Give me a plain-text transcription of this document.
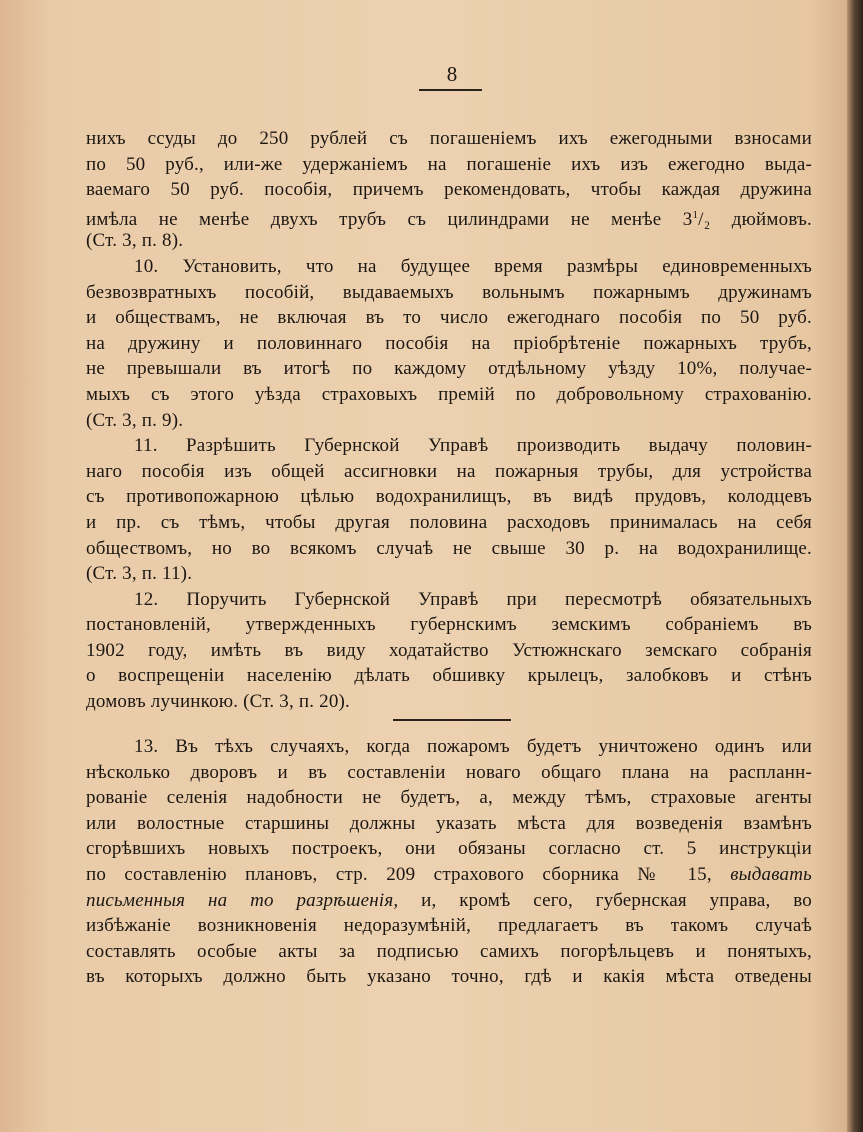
8
нихъ ссуды до 250 рублей съ погашеніемъ ихъ ежегодными взносами
по 50 руб., или-же удержаніемъ на погашеніе ихъ изъ ежегодно выда-
ваемаго 50 руб. пособія, причемъ рекомендовать, чтобы каждая дружина
имѣла не менѣе двухъ трубъ съ цилиндрами не менѣе $3^1/_2$ дюймовъ.
(Ст. 3, п. 8).
10. Установить, что на будущее время размѣры единовременныхъ
безвозвратныхъ пособій, выдаваемыхъ вольнымъ пожарнымъ дружинамъ
и обществамъ, не включая въ то число ежегоднаго пособія по 50 руб.
на дружину и половиннаго пособія на пріобрѣтеніе пожарныхъ трубъ,
не превышали въ итогѣ по каждому отдѣльному уѣзду 10%, получае-
мыхъ съ этого уѣзда страховыхъ премій по добровольному страхованію.
(Ст. 3, п. 9).
11. Разрѣшить Губернской Управѣ производить выдачу половин-
наго пособія изъ общей ассигновки на пожарныя трубы, для устройства
съ противопожарною цѣлью водохранилищъ, въ видѣ прудовъ, колодцевъ
и пр. съ тѣмъ, чтобы другая половина расходовъ принималась на себя
обществомъ, но во всякомъ случаѣ не свыше 30 р. на водохранилище.
(Ст. 3, п. 11).
12. Поручить Губернской Управѣ при пересмотрѣ обязательныхъ
постановленій, утвержденныхъ губернскимъ земскимъ собраніемъ въ
1902 году, имѣть въ виду ходатайство Устюжнскаго земскаго собранія
о воспрещеніи населенію дѣлать обшивку крылецъ, залобковъ и стѣнъ
домовъ лучинкою. (Ст. 3, п. 20).
13. Въ тѣхъ случаяхъ, когда пожаромъ будетъ уничтожено одинъ или
нѣсколько дворовъ и въ составленіи новаго общаго плана на распланн-
рованіе селенія надобности не будетъ, а, между тѣмъ, страховые агенты
или волостные старшины должны указать мѣста для возведенія взамѣнъ
сгорѣвшихъ новыхъ построекъ, они обязаны согласно ст. 5 инструкціи
по составленію плановъ, стр. 209 страхового сборника № 15, выдавать
письменныя на то разрѣшенія, и, кромѣ сего, губернская управа, во
избѣжаніе возникновенія недоразумѣній, предлагаетъ въ такомъ случаѣ
составлять особые акты за подписью самихъ погорѣльцевъ и понятыхъ,
въ которыхъ должно быть указано точно, гдѣ и какія мѣста отведены
